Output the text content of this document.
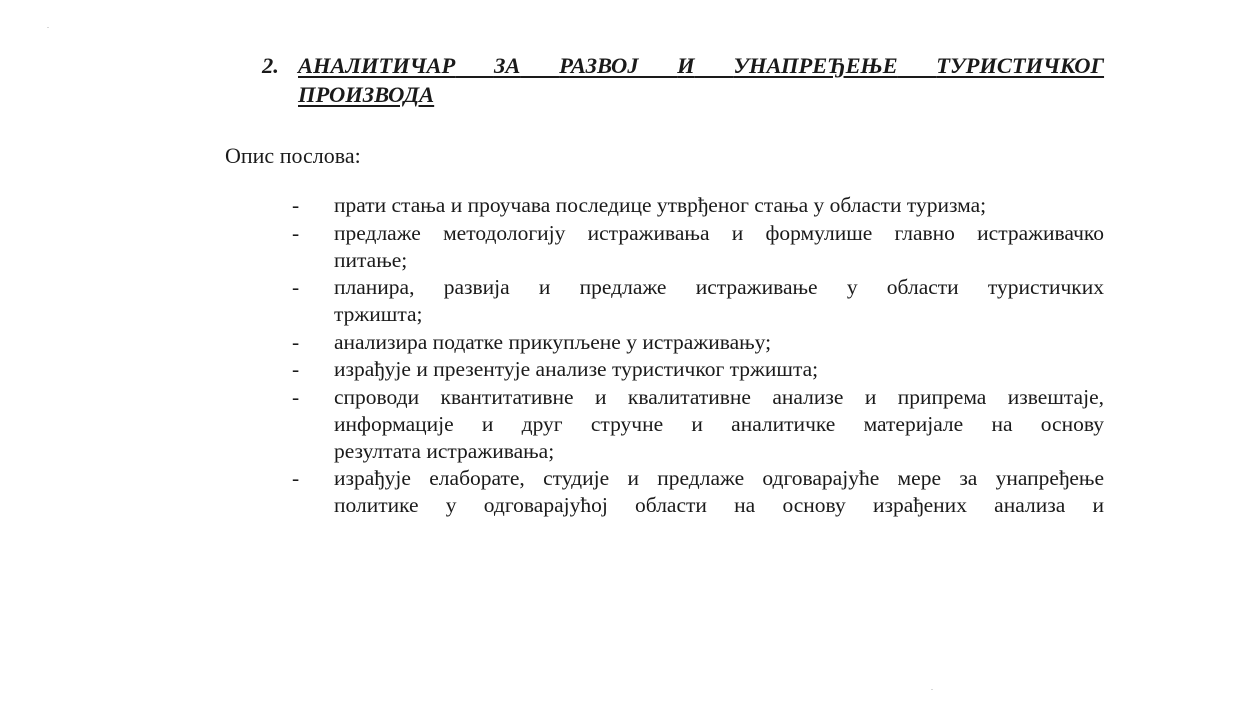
2. АНАЛИТИЧАР ЗА РАЗВОЈ И УНАПРЕЂЕЊЕ ТУРИСТИЧКОГ
ПРОИЗВОДА
Опис послова:
-	прати стања и проучава последице утврђеног стања у области туризма;
-	предлаже методологију истраживања и формулише главно истраживачко
питање;
-	планира, развија и предлаже истраживање у области туристичких
тржишта;
-	анализира податке прикупљене у истраживању;
-	израђује и презентује анализе туристичког тржишта;
-	спроводи квантитативне и квалитативне анализе и припрема извештаје,
информације и друг стручне и аналитичке материјале на основу
резултата истраживања;
-	израђује елаборате, студије и предлаже одговарајуће мере за унапређење
политике у одговарајућој области на основу израђених анализа и
